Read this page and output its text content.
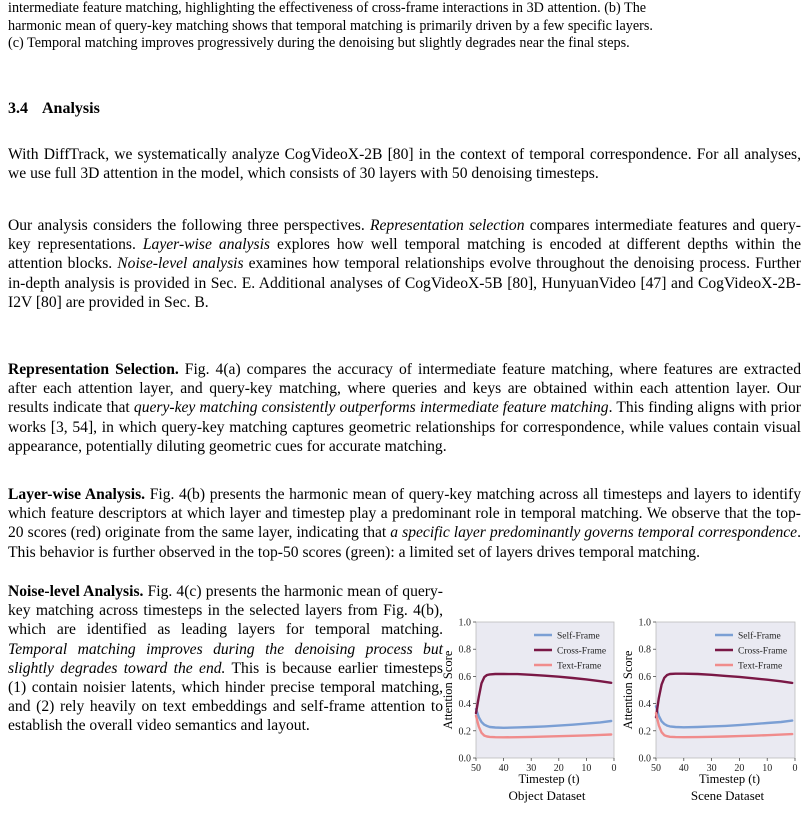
intermediate feature matching, highlighting the effectiveness of cross-frame interactions in 3D attention. (b) The
harmonic mean of query-key matching shows that temporal matching is primarily driven by a few specific layers.
(c) Temporal matching improves progressively during the denoising but slightly degrades near the final steps.
3.4 Analysis

With DiffTrack, we systematically analyze CogVideoX-2B [80] in the context of temporal correspondence. For all analyses, we use full 3D attention in the model, which consists of 30 layers with 50 denoising timesteps.

Our analysis considers the following three perspectives. Representation selection compares intermediate features and query-key representations. Layer-wise analysis explores how well temporal matching is encoded at different depths within the attention blocks. Noise-level analysis examines how temporal relationships evolve throughout the denoising process. Further in-depth analysis is provided in Sec. E. Additional analyses of CogVideoX-5B [80], HunyuanVideo [47] and CogVideoX-2B-I2V [80] are provided in Sec. B.

Representation Selection. Fig. 4(a) compares the accuracy of intermediate feature matching, where features are extracted after each attention layer, and query-key matching, where queries and keys are obtained within each attention layer. Our results indicate that query-key matching consistently outperforms intermediate feature matching. This finding aligns with prior works [3, 54], in which query-key matching captures geometric relationships for correspondence, while values contain visual appearance, potentially diluting geometric cues for accurate matching.

Layer-wise Analysis. Fig. 4(b) presents the harmonic mean of query-key matching across all timesteps and layers to identify which feature descriptors at which layer and timestep play a predominant role in temporal matching. We observe that the top-20 scores (red) originate from the same layer, indicating that a specific layer predominantly governs temporal correspondence. This behavior is further observed in the top-50 scores (green): a limited set of layers drives temporal matching.

Noise-level Analysis. Fig. 4(c) presents the harmonic mean of query-key matching across timesteps in the selected layers from Fig. 4(b), which are identified as leading layers for temporal matching. Temporal matching improves during the denoising process but slightly degrades toward the end. This is because earlier timesteps (1) contain noisier latents, which hinder precise temporal matching, and (2) rely heavily on text embeddings and self-frame attention to establish the overall video semantics and layout.

0.0
0.2
0.4
0.6
0.8
1.0
50 40 30 20 10 0
Attention Score
Timestep (t)
Object Dataset
Self-Frame
Cross-Frame
Text-Frame
0.0
0.2
0.4
0.6
0.8
1.0
50 40 30 20 10 0
Attention Score
Timestep (t)
Scene Dataset
Self-Frame
Cross-Frame
Text-Frame
